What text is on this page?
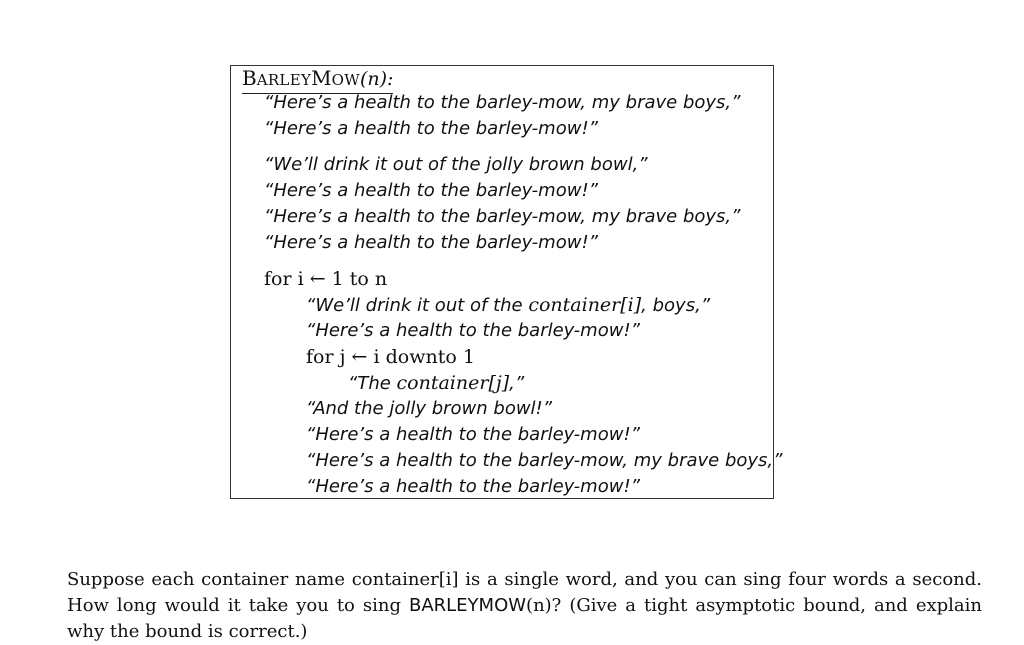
BARLEYMOW(n):
“Here’s a health to the barley-mow, my brave boys,”
“Here’s a health to the barley-mow!”
“We’ll drink it out of the jolly brown bowl,”
“Here’s a health to the barley-mow!”
“Here’s a health to the barley-mow, my brave boys,”
“Here’s a health to the barley-mow!”
for i ← 1 to n
“We’ll drink it out of the container[i], boys,”
“Here’s a health to the barley-mow!”
for j ← i downto 1
“The container[j],”
“And the jolly brown bowl!”
“Here’s a health to the barley-mow!”
“Here’s a health to the barley-mow, my brave boys,”
“Here’s a health to the barley-mow!”

Suppose each container name container[i] is a single word, and you can sing four words a second. How long would it take you to sing BARLEYMOW(n)? (Give a tight asymptotic bound, and explain why the bound is correct.)
